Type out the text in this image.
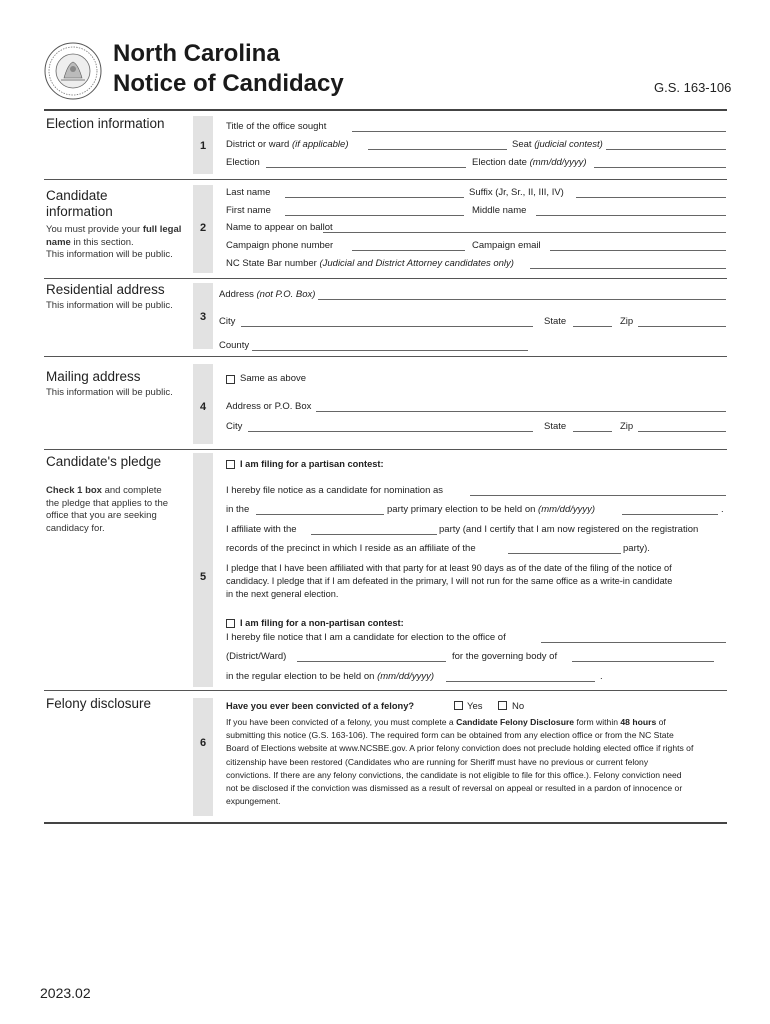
North Carolina
Notice of Candidacy	G.S. 163-106
Election information
1
Title of the office sought
District or ward (if applicable)	Seat (judicial contest)
Election	Election date (mm/dd/yyyy)
Candidate
information
You must provide your full legal name in this section.
This information will be public.
2
Last name	Suffix (Jr, Sr., II, III, IV)
First name	Middle name
Name to appear on ballot
Campaign phone number	Campaign email
NC State Bar number (Judicial and District Attorney candidates only)
Residential address
This information will be public.
3
Address (not P.O. Box)
City	State	Zip
County
Mailing address
This information will be public.
4
Same as above
Address or P.O. Box
City	State	Zip
Candidate's pledge
Check 1 box and complete
the pledge that applies to the
office that you are seeking
candidacy for.
5
I am filing for a partisan contest:
I hereby file notice as a candidate for nomination as
in the	party primary election to be held on (mm/dd/yyyy)	.
I affiliate with the	party (and I certify that I am now registered on the registration
records of the precinct in which I reside as an affiliate of the	party).
I pledge that I have been affiliated with that party for at least 90 days as of the date of the filing of the notice of
candidacy. I pledge that if I am defeated in the primary, I will not run for the same office as a write-in candidate
in the next general election.
I am filing for a non-partisan contest:
I hereby file notice that I am a candidate for election to the office of
(District/Ward)	for the governing body of
in the regular election to be held on (mm/dd/yyyy)	.
Felony disclosure
6
Have you ever been convicted of a felony?	Yes	No
If you have been convicted of a felony, you must complete a Candidate Felony Disclosure form within 48 hours of
submitting this notice (G.S. 163-106). The required form can be obtained from any election office or from the NC State
Board of Elections website at www.NCSBE.gov. A prior felony conviction does not preclude holding elected office if rights of
citizenship have been restored (Candidates who are running for Sheriff must have no previous or current felony
convictions. If there are any felony convictions, the candidate is not eligible to file for this office.). Felony conviction need
not be disclosed if the conviction was dismissed as a result of reversal on appeal or resulted in a pardon of innocence or
expungement.
2023.02
